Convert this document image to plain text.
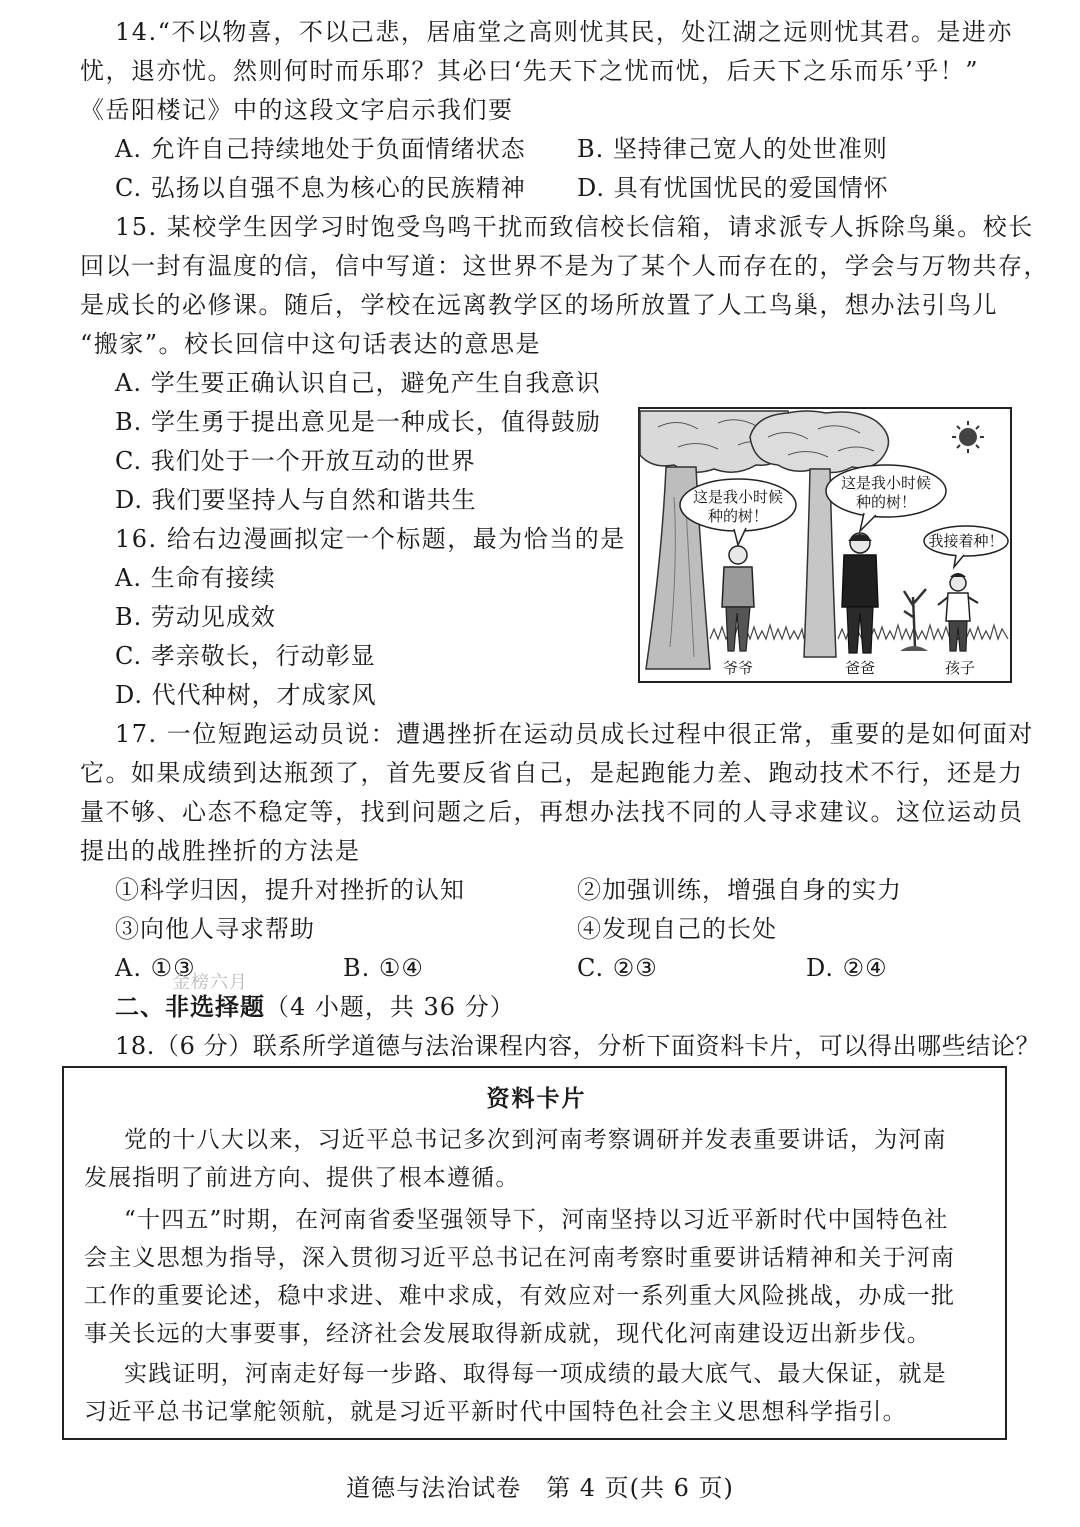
14.“不以物喜，不以己悲，居庙堂之高则忧其民，处江湖之远则忧其君。是进亦
忧，退亦忧。然则何时而乐耶？其必曰‘先天下之忧而忧，后天下之乐而乐’乎！”
《岳阳楼记》中的这段文字启示我们要
A. 允许自己持续地处于负面情绪状态 B. 坚持律己宽人的处世准则
C. 弘扬以自强不息为核心的民族精神 D. 具有忧国忧民的爱国情怀
15. 某校学生因学习时饱受鸟鸣干扰而致信校长信箱，请求派专人拆除鸟巢。校长
回以一封有温度的信，信中写道：这世界不是为了某个人而存在的，学会与万物共存，
是成长的必修课。随后，学校在远离教学区的场所放置了人工鸟巢，想办法引鸟儿
“搬家”。校长回信中这句话表达的意思是
A. 学生要正确认识自己，避免产生自我意识
B. 学生勇于提出意见是一种成长，值得鼓励
C. 我们处于一个开放互动的世界
D. 我们要坚持人与自然和谐共生
16. 给右边漫画拟定一个标题，最为恰当的是
A. 生命有接续
B. 劳动见成效
C. 孝亲敬长，行动彰显
D. 代代种树，才成家风
这是我小时候
种的树！
这是我小时候
种的树！
我接着种！
爷爷	爸爸	孩子
17. 一位短跑运动员说：遭遇挫折在运动员成长过程中很正常，重要的是如何面对
它。如果成绩到达瓶颈了，首先要反省自己，是起跑能力差、跑动技术不行，还是力
量不够、心态不稳定等，找到问题之后，再想办法找不同的人寻求建议。这位运动员
提出的战胜挫折的方法是
①科学归因，提升对挫折的认知	②加强训练，增强自身的实力
③向他人寻求帮助	④发现自己的长处
A. ①③	B. ①④	C. ②③	D. ②④
金榜六月
二、非选择题（4 小题，共 36 分）
18.（6 分）联系所学道德与法治课程内容，分析下面资料卡片，可以得出哪些结论？
资料卡片
党的十八大以来，习近平总书记多次到河南考察调研并发表重要讲话，为河南
发展指明了前进方向、提供了根本遵循。
“十四五”时期，在河南省委坚强领导下，河南坚持以习近平新时代中国特色社
会主义思想为指导，深入贯彻习近平总书记在河南考察时重要讲话精神和关于河南
工作的重要论述，稳中求进、难中求成，有效应对一系列重大风险挑战，办成一批
事关长远的大事要事，经济社会发展取得新成就，现代化河南建设迈出新步伐。
实践证明，河南走好每一步路、取得每一项成绩的最大底气、最大保证，就是
习近平总书记掌舵领航，就是习近平新时代中国特色社会主义思想科学指引。
道德与法治试卷　第 4 页(共 6 页)
